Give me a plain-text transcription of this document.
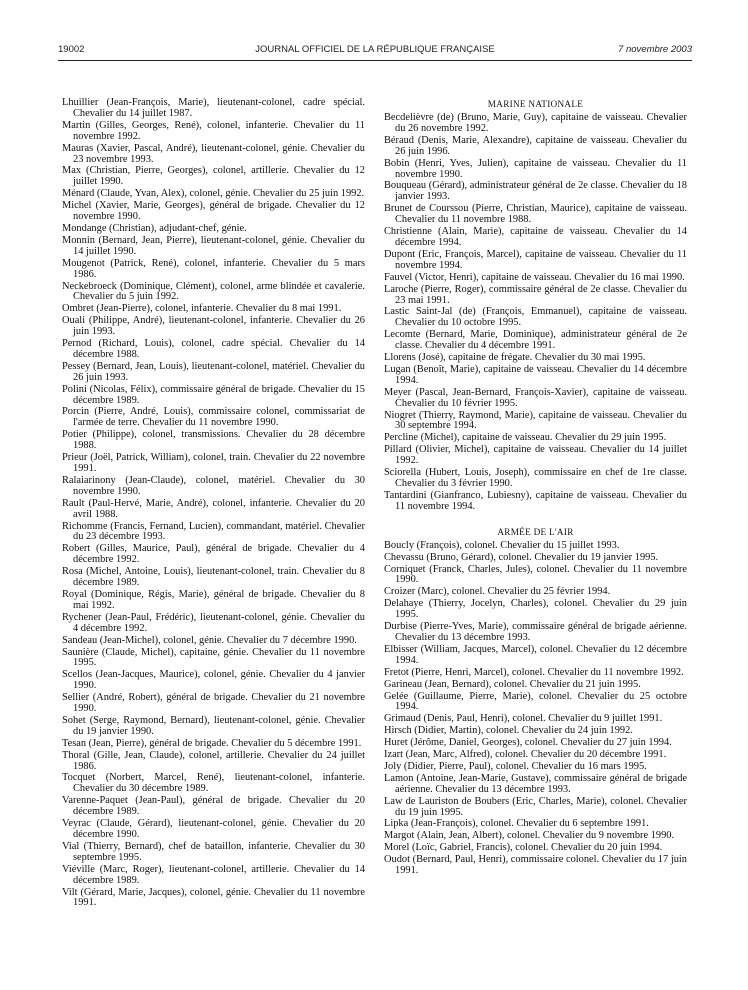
19002	JOURNAL OFFICIEL DE LA RÉPUBLIQUE FRANÇAISE	7 novembre 2003

Lhuillier (Jean-François, Marie), lieutenant-colonel, cadre spécial. Chevalier du 14 juillet 1987.

Martin (Gilles, Georges, René), colonel, infanterie. Chevalier du 11 novembre 1992.

Mauras (Xavier, Pascal, André), lieutenant-colonel, génie. Chevalier du 23 novembre 1993.

Max (Christian, Pierre, Georges), colonel, artillerie. Chevalier du 12 juillet 1990.

Ménard (Claude, Yvan, Alex), colonel, génie. Chevalier du 25 juin 1992.

Michel (Xavier, Marie, Georges), général de brigade. Chevalier du 12 novembre 1990.

Mondange (Christian), adjudant-chef, génie.

Monnin (Bernard, Jean, Pierre), lieutenant-colonel, génie. Chevalier du 14 juillet 1990.

Mougenot (Patrick, René), colonel, infanterie. Chevalier du 5 mars 1986.

Neckebroeck (Dominique, Clément), colonel, arme blindée et cavalerie. Chevalier du 5 juin 1992.

Ombret (Jean-Pierre), colonel, infanterie. Chevalier du 8 mai 1991.

Ouali (Philippe, André), lieutenant-colonel, infanterie. Chevalier du 26 juin 1993.

Pernod (Richard, Louis), colonel, cadre spécial. Chevalier du 14 décembre 1988.

Pessey (Bernard, Jean, Louis), lieutenant-colonel, matériel. Chevalier du 26 juin 1993.

Polini (Nicolas, Félix), commissaire général de brigade. Chevalier du 15 décembre 1989.

Porcin (Pierre, André, Louis), commissaire colonel, commissariat de l'armée de terre. Chevalier du 11 novembre 1990.

Potier (Philippe), colonel, transmissions. Chevalier du 28 décembre 1988.

Prieur (Joël, Patrick, William), colonel, train. Chevalier du 22 novembre 1991.

Ralaiarinony (Jean-Claude), colonel, matériel. Chevalier du 30 novembre 1990.

Rault (Paul-Hervé, Marie, André), colonel, infanterie. Chevalier du 20 avril 1988.

Richomme (Francis, Fernand, Lucien), commandant, matériel. Chevalier du 23 décembre 1993.

Robert (Gilles, Maurice, Paul), général de brigade. Chevalier du 4 décembre 1992.

Rosa (Michel, Antoine, Louis), lieutenant-colonel, train. Chevalier du 8 décembre 1989.

Royal (Dominique, Régis, Marie), général de brigade. Chevalier du 8 mai 1992.

Rychener (Jean-Paul, Frédéric), lieutenant-colonel, génie. Chevalier du 4 décembre 1992.

Sandeau (Jean-Michel), colonel, génie. Chevalier du 7 décembre 1990.

Saunière (Claude, Michel), capitaine, génie. Chevalier du 11 novembre 1995.

Scellos (Jean-Jacques, Maurice), colonel, génie. Chevalier du 4 janvier 1990.

Sellier (André, Robert), général de brigade. Chevalier du 21 novembre 1990.

Sohet (Serge, Raymond, Bernard), lieutenant-colonel, génie. Chevalier du 19 janvier 1990.

Tesan (Jean, Pierre), général de brigade. Chevalier du 5 décembre 1991.

Thoral (Gille, Jean, Claude), colonel, artillerie. Chevalier du 24 juillet 1986.

Tocquet (Norbert, Marcel, René), lieutenant-colonel, infanterie. Chevalier du 30 décembre 1989.

Varenne-Paquet (Jean-Paul), général de brigade. Chevalier du 20 décembre 1989.

Veyrac (Claude, Gérard), lieutenant-colonel, génie. Chevalier du 20 décembre 1990.

Vial (Thierry, Bernard), chef de bataillon, infanterie. Chevalier du 30 septembre 1995.

Viéville (Marc, Roger), lieutenant-colonel, artillerie. Chevalier du 14 décembre 1989.

Vilt (Gérard, Marie, Jacques), colonel, génie. Chevalier du 11 novembre 1991.

MARINE NATIONALE

Becdelièvre (de) (Bruno, Marie, Guy), capitaine de vaisseau. Chevalier du 26 novembre 1992.

Béraud (Denis, Marie, Alexandre), capitaine de vaisseau. Chevalier du 26 juin 1996.

Bobin (Henri, Yves, Julien), capitaine de vaisseau. Chevalier du 11 novembre 1990.

Bouqueau (Gérard), administrateur général de 2e classe. Chevalier du 18 janvier 1993.

Brunet de Courssou (Pierre, Christian, Maurice), capitaine de vaisseau. Chevalier du 11 novembre 1988.

Christienne (Alain, Marie), capitaine de vaisseau. Chevalier du 14 décembre 1994.

Dupont (Eric, François, Marcel), capitaine de vaisseau. Chevalier du 11 novembre 1994.

Fauvel (Victor, Henri), capitaine de vaisseau. Chevalier du 16 mai 1990.

Laroche (Pierre, Roger), commissaire général de 2e classe. Chevalier du 23 mai 1991.

Lastic Saint-Jal (de) (François, Emmanuel), capitaine de vaisseau. Chevalier du 10 octobre 1995.

Lecomte (Bernard, Marie, Dominique), administrateur général de 2e classe. Chevalier du 4 décembre 1991.

Llorens (José), capitaine de frégate. Chevalier du 30 mai 1995.

Lugan (Benoît, Marie), capitaine de vaisseau. Chevalier du 14 décembre 1994.

Meyer (Pascal, Jean-Bernard, François-Xavier), capitaine de vaisseau. Chevalier du 10 février 1995.

Niogret (Thierry, Raymond, Marie), capitaine de vaisseau. Chevalier du 30 septembre 1994.

Percline (Michel), capitaine de vaisseau. Chevalier du 29 juin 1995.

Pillard (Olivier, Michel), capitaine de vaisseau. Chevalier du 14 juillet 1992.

Sciorella (Hubert, Louis, Joseph), commissaire en chef de 1re classe. Chevalier du 3 février 1990.

Tantardini (Gianfranco, Lubiesny), capitaine de vaisseau. Chevalier du 11 novembre 1994.

ARMÉE DE L'AIR

Boucly (François), colonel. Chevalier du 15 juillet 1993.

Chevassu (Bruno, Gérard), colonel. Chevalier du 19 janvier 1995.

Corniquet (Franck, Charles, Jules), colonel. Chevalier du 11 novembre 1990.

Croizer (Marc), colonel. Chevalier du 25 février 1994.

Delahaye (Thierry, Jocelyn, Charles), colonel. Chevalier du 29 juin 1995.

Durbise (Pierre-Yves, Marie), commissaire général de brigade aérienne. Chevalier du 13 décembre 1993.

Elbisser (William, Jacques, Marcel), colonel. Chevalier du 12 décembre 1994.

Fretot (Pierre, Henri, Marcel), colonel. Chevalier du 11 novembre 1992.

Garineau (Jean, Bernard), colonel. Chevalier du 21 juin 1995.

Gelée (Guillaume, Pierre, Marie), colonel. Chevalier du 25 octobre 1994.

Grimaud (Denis, Paul, Henri), colonel. Chevalier du 9 juillet 1991.

Hirsch (Didier, Martin), colonel. Chevalier du 24 juin 1992.

Huret (Jérôme, Daniel, Georges), colonel. Chevalier du 27 juin 1994.

Izart (Jean, Marc, Alfred), colonel. Chevalier du 20 décembre 1991.

Joly (Didier, Pierre, Paul), colonel. Chevalier du 16 mars 1995.

Lamon (Antoine, Jean-Marie, Gustave), commissaire général de brigade aérienne. Chevalier du 13 décembre 1993.

Law de Lauriston de Boubers (Eric, Charles, Marie), colonel. Chevalier du 19 juin 1995.

Lipka (Jean-François), colonel. Chevalier du 6 septembre 1991.

Margot (Alain, Jean, Albert), colonel. Chevalier du 9 novembre 1990.

Morel (Loïc, Gabriel, Francis), colonel. Chevalier du 20 juin 1994.

Oudot (Bernard, Paul, Henri), commissaire colonel. Chevalier du 17 juin 1991.
